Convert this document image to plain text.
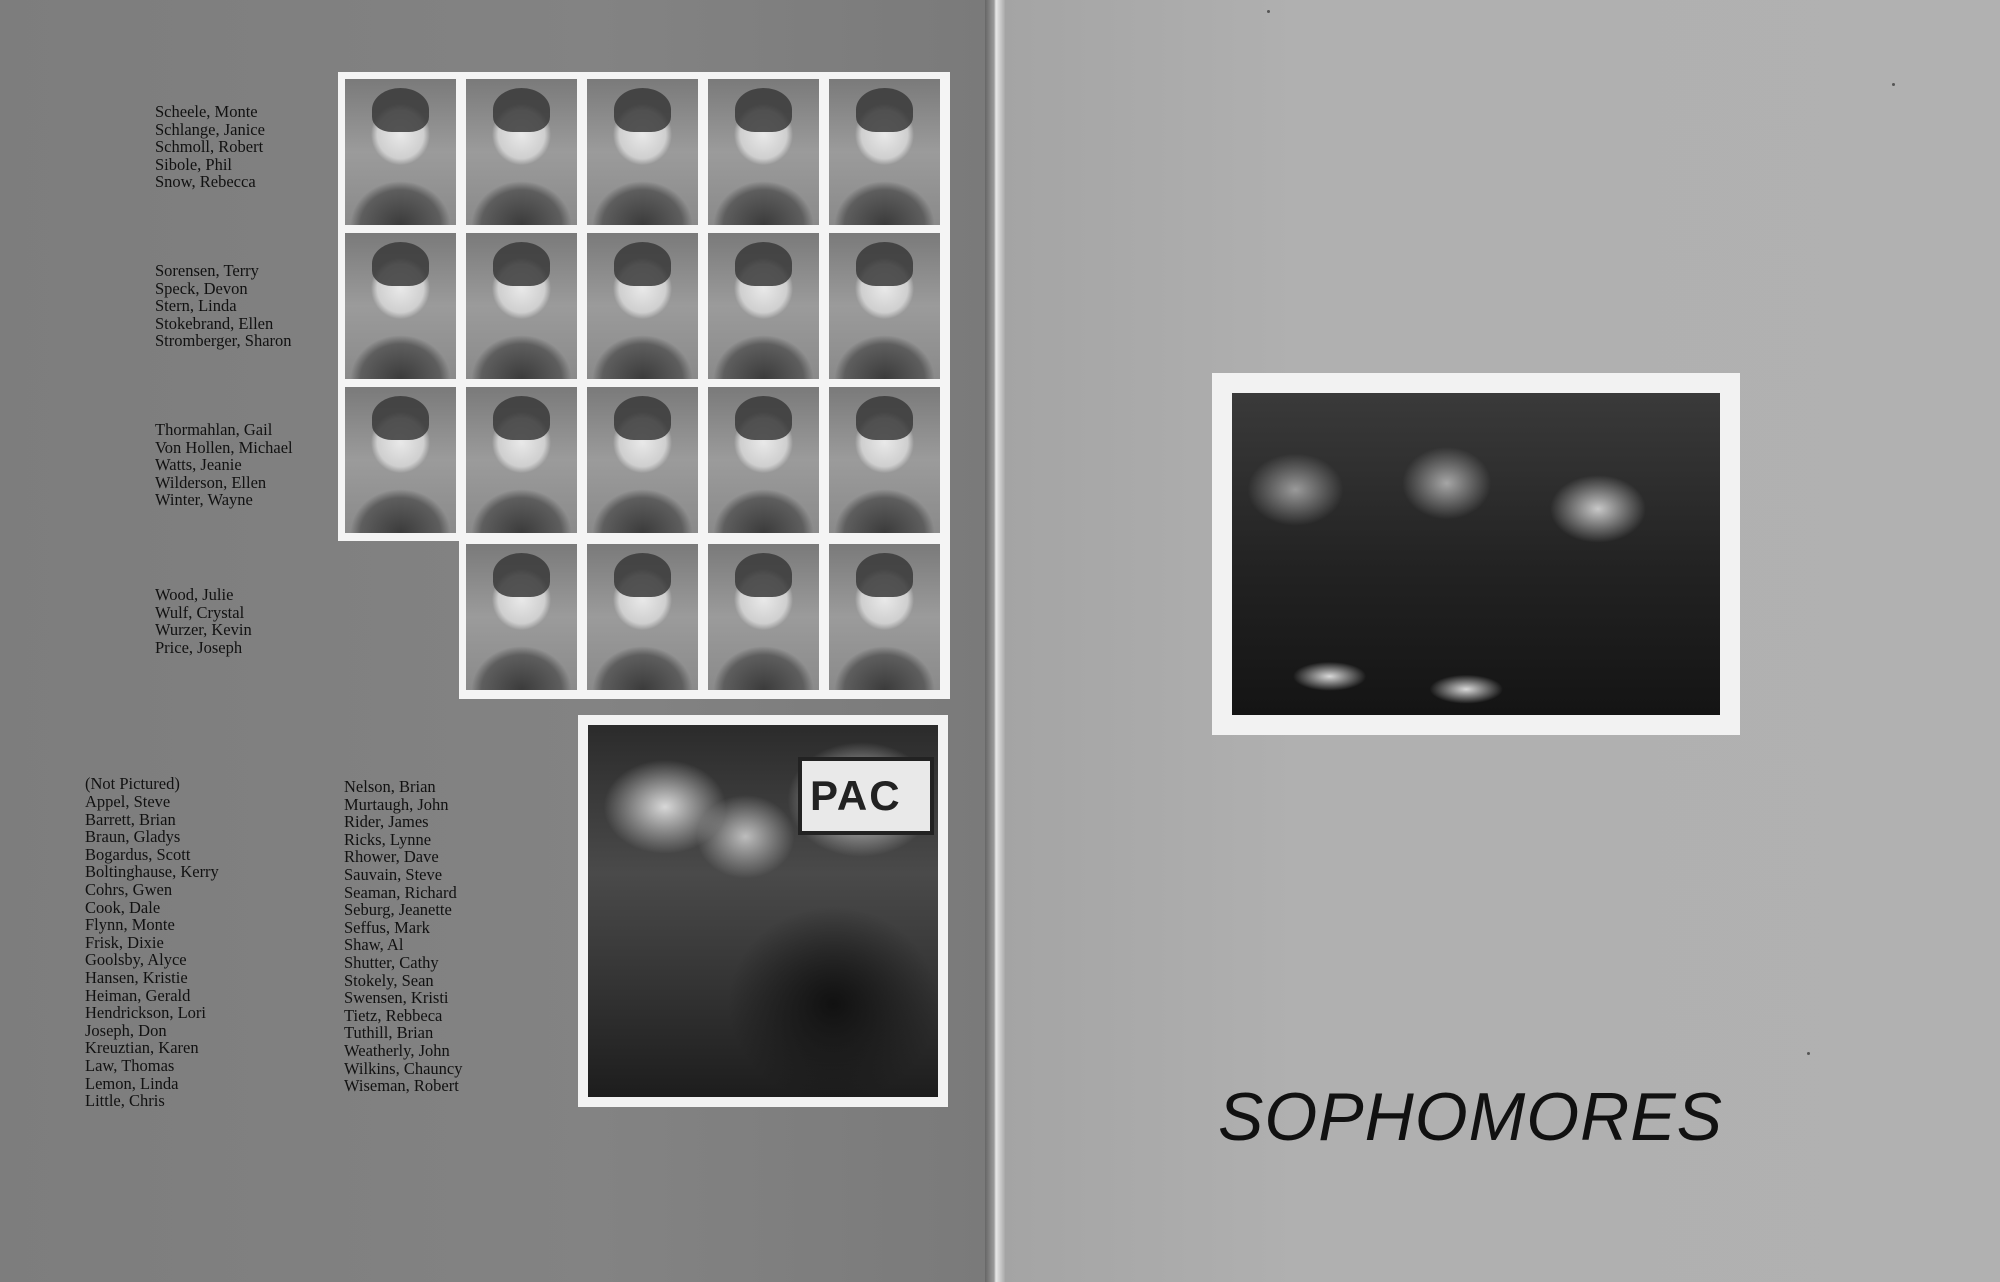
Scheele, Monte
Schlange, Janice
Schmoll, Robert
Sibole, Phil
Snow, Rebecca
Sorensen, Terry
Speck, Devon
Stern, Linda
Stokebrand, Ellen
Stromberger, Sharon
Thormahlan, Gail
Von Hollen, Michael
Watts, Jeanie
Wilderson, Ellen
Winter, Wayne
Wood, Julie
Wulf, Crystal
Wurzer, Kevin
Price, Joseph
(Not Pictured)
Appel, Steve
Barrett, Brian
Braun, Gladys
Bogardus, Scott
Boltinghause, Kerry
Cohrs, Gwen
Cook, Dale
Flynn, Monte
Frisk, Dixie
Goolsby, Alyce
Hansen, Kristie
Heiman, Gerald
Hendrickson, Lori
Joseph, Don
Kreuztian, Karen
Law, Thomas
Lemon, Linda
Little, Chris
Nelson, Brian
Murtaugh, John
Rider, James
Ricks, Lynne
Rhower, Dave
Sauvain, Steve
Seaman, Richard
Seburg, Jeanette
Seffus, Mark
Shaw, Al
Shutter, Cathy
Stokely, Sean
Swensen, Kristi
Tietz, Rebbeca
Tuthill, Brian
Weatherly, John
Wilkins, Chauncy
Wiseman, Robert
PAC
SOPHOMORES
